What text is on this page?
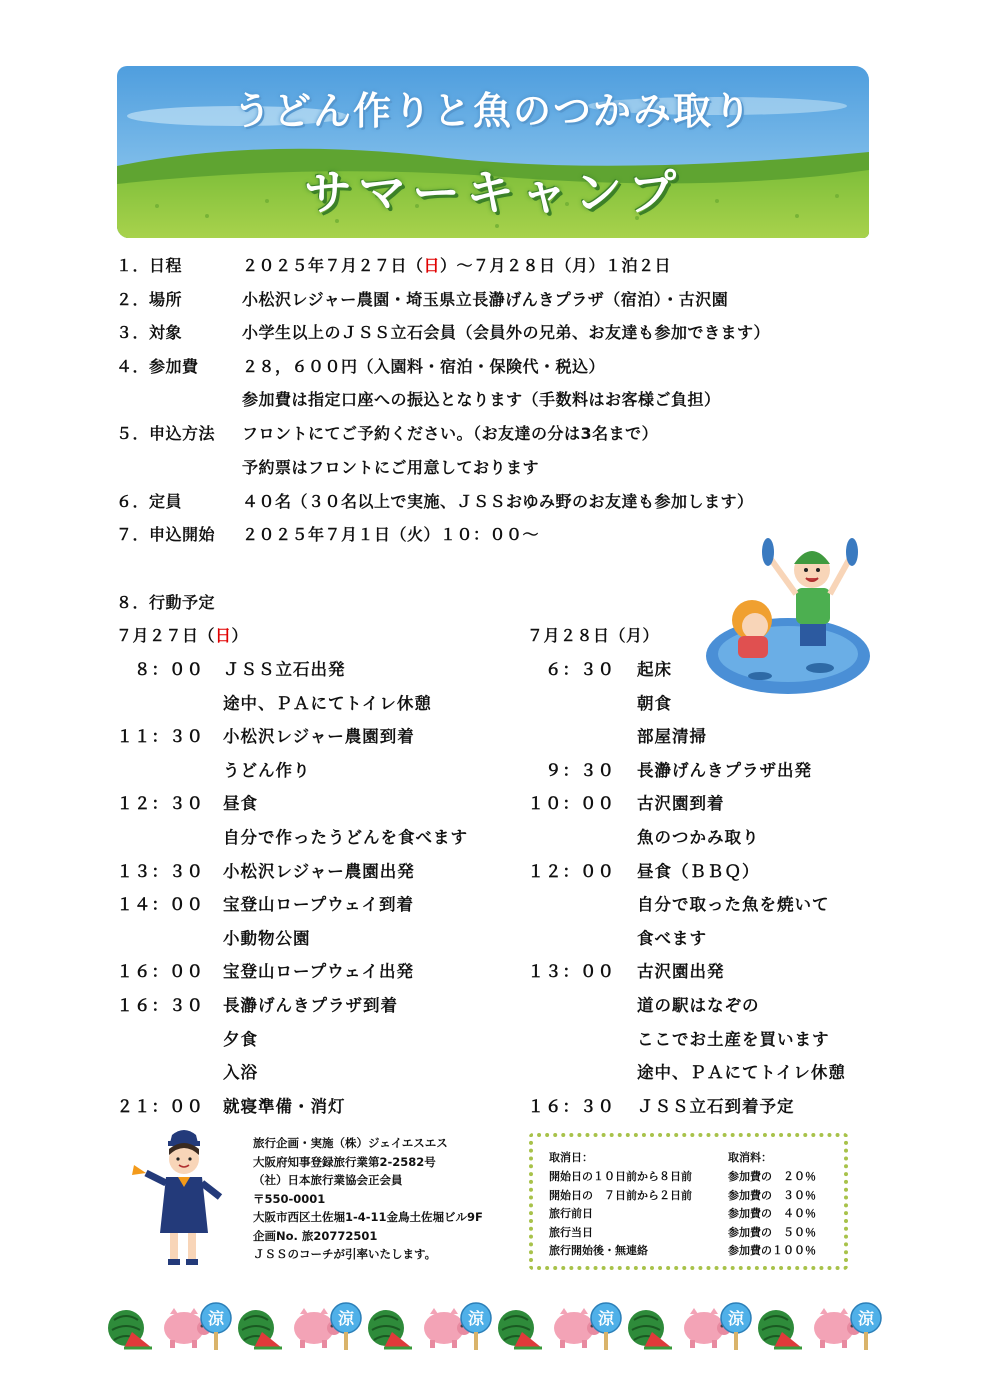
うどん作りと魚のつかみ取り
サマーキャンプ
１．日程	２０２５年７月２７日（日）～７月２８日（月）１泊２日
２．場所	小松沢レジャー農園・埼玉県立長瀞げんきプラザ（宿泊）・古沢園
３．対象	小学生以上のＪＳＳ立石会員（会員外の兄弟、お友達も参加できます）
４．参加費	２８，６００円（入園料・宿泊・保険代・税込）
参加費は指定口座への振込となります（手数料はお客様ご負担）
５．申込方法 フロントにてご予約ください。（お友達の分は3名まで）
予約票はフロントにご用意しております
６．定員	４０名（３０名以上で実施、ＪＳＳおゆみ野のお友達も参加します）
７．申込開始 ２０２５年７月１日（火）１０：００～
８．行動予定
７月２７日（日）	７月２８日（月）
８：００ ＪＳＳ立石出発
途中、ＰＡにてトイレ休憩
１１：３０ 小松沢レジャー農園到着
うどん作り
１２：３０ 昼食
自分で作ったうどんを食べます
１３：３０ 小松沢レジャー農園出発
１４：００ 宝登山ロープウェイ到着
小動物公園
１６：００ 宝登山ロープウェイ出発
１６：３０ 長瀞げんきプラザ到着
夕食
入浴
２１：００ 就寝準備・消灯
６：３０ 起床
朝食
部屋清掃
９：３０ 長瀞げんきプラザ出発
１０：００ 古沢園到着
魚のつかみ取り
１２：００ 昼食（ＢＢＱ）
自分で取った魚を焼いて
食べます
１３：００ 古沢園出発
道の駅はなぞの
ここでお土産を買います
途中、ＰＡにてトイレ休憩
１６：３０ ＪＳＳ立石到着予定
旅行企画・実施（株）ジェイエスエス
大阪府知事登録旅行業第2-2582号
（社）日本旅行業協会正会員
〒550-0001
大阪市西区土佐堀1-4-11金鳥土佐堀ビル9F
企画No. 旅20772501
ＪＳＳのコーチが引率いたします。
取消日：	取消料：
開始日の１０日前から８日前	参加費の　２０％
開始日の　７日前から２日前	参加費の　３０％
旅行前日	参加費の　４０％
旅行当日	参加費の　５０％
旅行開始後・無連絡	参加費の１００％
涼	涼	涼	涼	涼	涼
